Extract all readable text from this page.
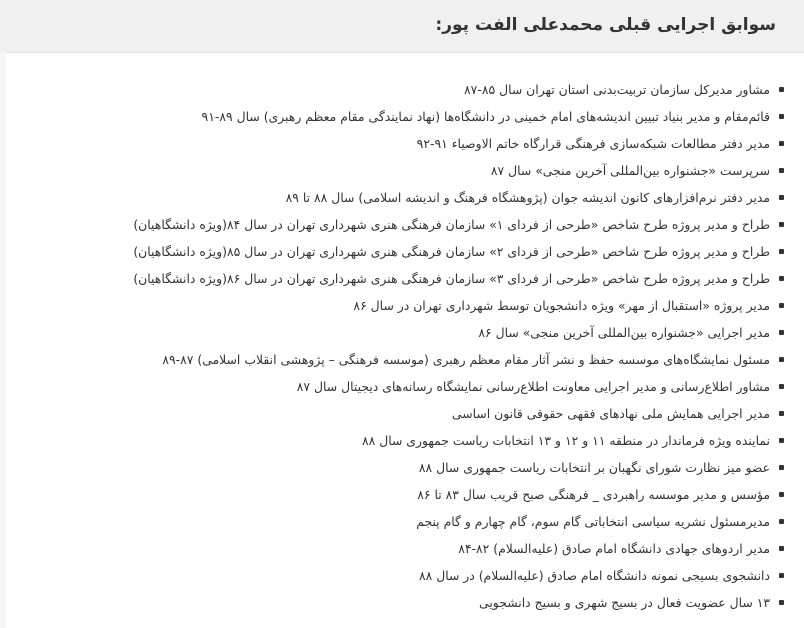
سوابق اجرایی قبلی محمدعلی الفت پور:
مشاور مدیرکل سازمان تربیت‌بدنی استان تهران سال ۸۵-۸۷
قائم‌مقام و مدیر بنیاد تبیین اندیشه‌های امام خمینی در دانشگاه‌ها (نهاد نمایندگی مقام معظم رهبری) سال ۸۹-۹۱
مدیر دفتر مطالعات شبکه‌سازی فرهنگی قرارگاه خاتم الاوصیاء ۹۱-۹۲
سرپرست «جشنواره بین‌المللی آخرین منجی» سال ۸۷
مدیر دفتر نرم‌افزارهای کانون اندیشه جوان (پژوهشگاه فرهنگ و اندیشه اسلامی) سال ۸۸ تا ۸۹
طراح و مدیر پروژه طرح شاخص «طرحی از فردای ۱» سازمان فرهنگی هنری شهرداری تهران در سال ۸۴(ویژه دانشگاهیان)
طراح و مدیر پروژه طرح شاخص «طرحی از فردای ۲» سازمان فرهنگی هنری شهرداری تهران در سال ۸۵(ویژه دانشگاهیان)
طراح و مدیر پروژه طرح شاخص «طرحی از فردای ۳» سازمان فرهنگی هنری شهرداری تهران در سال ۸۶(ویژه دانشگاهیان)
مدیر پروژه «استقبال از مهر» ویژه دانشجویان توسط شهرداری تهران در سال ۸۶
مدیر اجرایی «جشنواره بین‌المللی آخرین منجی» سال ۸۶
مسئول نمایشگاه‌های موسسه حفظ و نشر آثار مقام معظم رهبری (موسسه فرهنگی – پژوهشی انقلاب اسلامی) ۸۷-۸۹
مشاور اطلاع‌رسانی و مدیر اجرایی معاونت اطلاع‌رسانی نمایشگاه رسانه‌های دیجیتال سال ۸۷
مدیر اجرایی همایش ملی نهادهای فقهی حقوقی قانون اساسی
نماینده ویژه فرماندار در منطقه ۱۱ و ۱۲ و ۱۳ انتخابات ریاست جمهوری سال ۸۸
عضو میز نظارت شورای نگهبان بر انتخابات ریاست جمهوری سال ۸۸
مؤسس و مدیر موسسه راهبردی _ فرهنگی صبح قریب سال ۸۳ تا ۸۶
مدیرمسئول نشریه سیاسی انتخاباتی گام سوم، گام چهارم و گام پنجم
مدیر اردوهای جهادی دانشگاه امام صادق (علیه‌السلام) ۸۲-۸۴
دانشجوی بسیجی نمونه دانشگاه امام صادق (علیه‌السلام) در سال ۸۸
۱۳ سال عضویت فعال در بسیج شهری و بسیج دانشجویی
